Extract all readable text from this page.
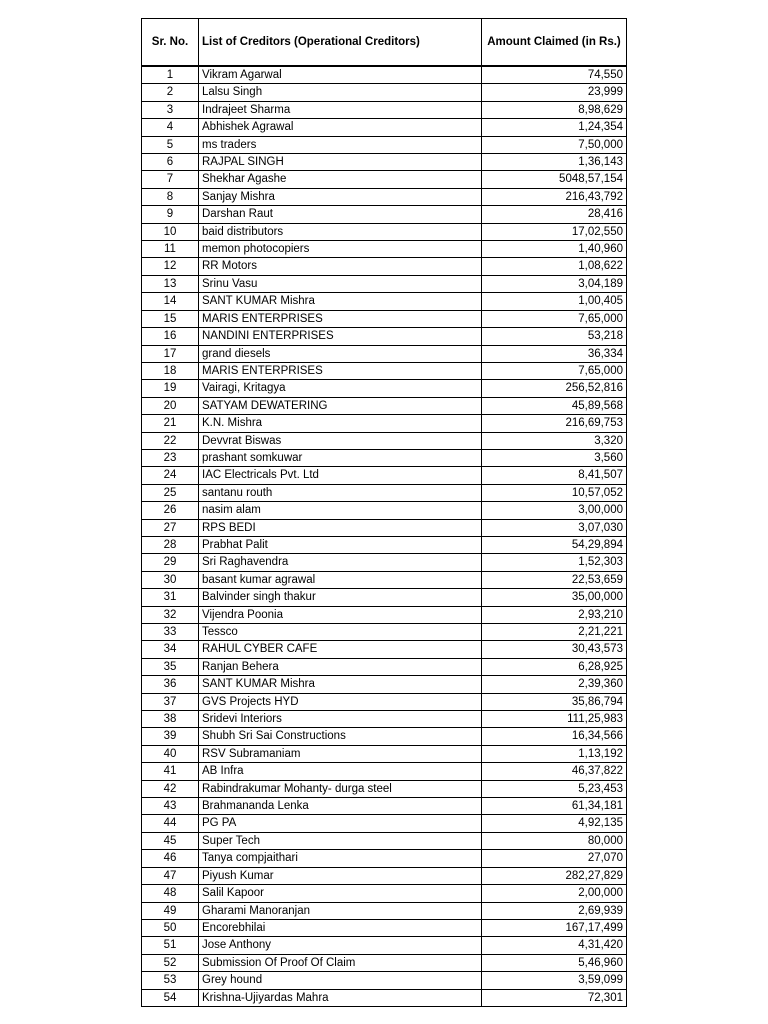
Sr. No.	List of Creditors (Operational Creditors)	Amount Claimed (in Rs.)
1	Vikram Agarwal	74,550
2	Lalsu Singh	23,999
3	Indrajeet Sharma	8,98,629
4	Abhishek Agrawal	1,24,354
5	ms traders	7,50,000
6	RAJPAL SINGH	1,36,143
7	Shekhar Agashe	5048,57,154
8	Sanjay Mishra	216,43,792
9	Darshan Raut	28,416
10	baid distributors	17,02,550
11	memon photocopiers	1,40,960
12	RR Motors	1,08,622
13	Srinu Vasu	3,04,189
14	SANT KUMAR Mishra	1,00,405
15	MARIS ENTERPRISES	7,65,000
16	NANDINI ENTERPRISES	53,218
17	grand diesels	36,334
18	MARIS ENTERPRISES	7,65,000
19	Vairagi, Kritagya	256,52,816
20	SATYAM DEWATERING	45,89,568
21	K.N. Mishra	216,69,753
22	Devvrat Biswas	3,320
23	prashant somkuwar	3,560
24	IAC Electricals Pvt. Ltd	8,41,507
25	santanu routh	10,57,052
26	nasim alam	3,00,000
27	RPS BEDI	3,07,030
28	Prabhat Palit	54,29,894
29	Sri Raghavendra	1,52,303
30	basant kumar agrawal	22,53,659
31	Balvinder singh thakur	35,00,000
32	Vijendra Poonia	2,93,210
33	Tessco	2,21,221
34	RAHUL CYBER CAFE	30,43,573
35	Ranjan Behera	6,28,925
36	SANT KUMAR Mishra	2,39,360
37	GVS Projects HYD	35,86,794
38	Sridevi Interiors	111,25,983
39	Shubh Sri Sai Constructions	16,34,566
40	RSV Subramaniam	1,13,192
41	AB Infra	46,37,822
42	Rabindrakumar Mohanty- durga steel	5,23,453
43	Brahmananda Lenka	61,34,181
44	PG PA	4,92,135
45	Super Tech	80,000
46	Tanya compjaithari	27,070
47	Piyush Kumar	282,27,829
48	Salil Kapoor	2,00,000
49	Gharami Manoranjan	2,69,939
50	Encorebhilai	167,17,499
51	Jose Anthony	4,31,420
52	Submission Of Proof Of Claim	5,46,960
53	Grey hound	3,59,099
54	Krishna-Ujiyardas Mahra	72,301
